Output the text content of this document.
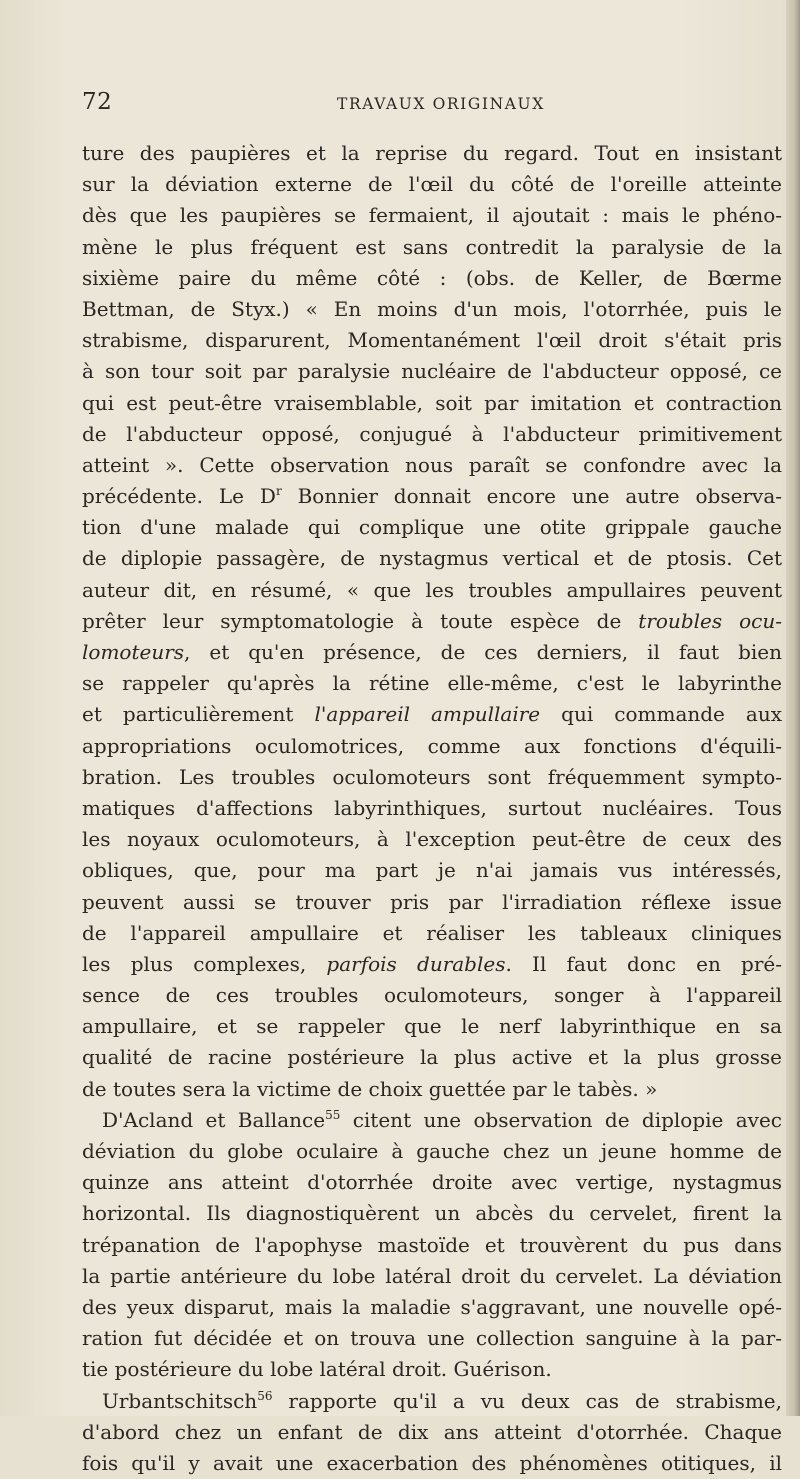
72	TRAVAUX ORIGINAUX
ture des paupières et la reprise du regard. Tout en insistant
sur la déviation externe de l'œil du côté de l'oreille atteinte
dès que les paupières se fermaient, il ajoutait : mais le phéno-
mène le plus fréquent est sans contredit la paralysie de la
sixième paire du même côté : (obs. de Keller, de Bœrme
Bettman, de Styx.) « En moins d'un mois, l'otorrhée, puis le
strabisme, disparurent, Momentanément l'œil droit s'était pris
à son tour soit par paralysie nucléaire de l'abducteur opposé, ce
qui est peut-être vraisemblable, soit par imitation et contraction
de l'abducteur opposé, conjugué à l'abducteur primitivement
atteint ». Cette observation nous paraît se confondre avec la
précédente. Le $D^r$ Bonnier donnait encore une autre observa-
tion d'une malade qui complique une otite grippale gauche
de diplopie passagère, de nystagmus vertical et de ptosis. Cet
auteur dit, en résumé, « que les troubles ampullaires peuvent
prêter leur symptomatologie à toute espèce de troubles ocu-
lomoteurs, et qu'en présence, de ces derniers, il faut bien
se rappeler qu'après la rétine elle-même, c'est le labyrinthe
et particulièrement l'appareil ampullaire qui commande aux
appropriations oculomotrices, comme aux fonctions d'équili-
bration. Les troubles oculomoteurs sont fréquemment sympto-
matiques d'affections labyrinthiques, surtout nucléaires. Tous
les noyaux oculomoteurs, à l'exception peut-être de ceux des
obliques, que, pour ma part je n'ai jamais vus intéressés,
peuvent aussi se trouver pris par l'irradiation réflexe issue
de l'appareil ampullaire et réaliser les tableaux cliniques
les plus complexes, parfois durables. Il faut donc en pré-
sence de ces troubles oculomoteurs, songer à l'appareil
ampullaire, et se rappeler que le nerf labyrinthique en sa
qualité de racine postérieure la plus active et la plus grosse
de toutes sera la victime de choix guettée par le tabès. »
D'Acland et Ballance$^{55}$ citent une observation de diplopie avec
déviation du globe oculaire à gauche chez un jeune homme de
quinze ans atteint d'otorrhée droite avec vertige, nystagmus
horizontal. Ils diagnostiquèrent un abcès du cervelet, firent la
trépanation de l'apophyse mastoïde et trouvèrent du pus dans
la partie antérieure du lobe latéral droit du cervelet. La déviation
des yeux disparut, mais la maladie s'aggravant, une nouvelle opé-
ration fut décidée et on trouva une collection sanguine à la par-
tie postérieure du lobe latéral droit. Guérison.
Urbantschitsch$^{56}$ rapporte qu'il a vu deux cas de strabisme,
d'abord chez un enfant de dix ans atteint d'otorrhée. Chaque
fois qu'il y avait une exacerbation des phénomènes otitiques, il
